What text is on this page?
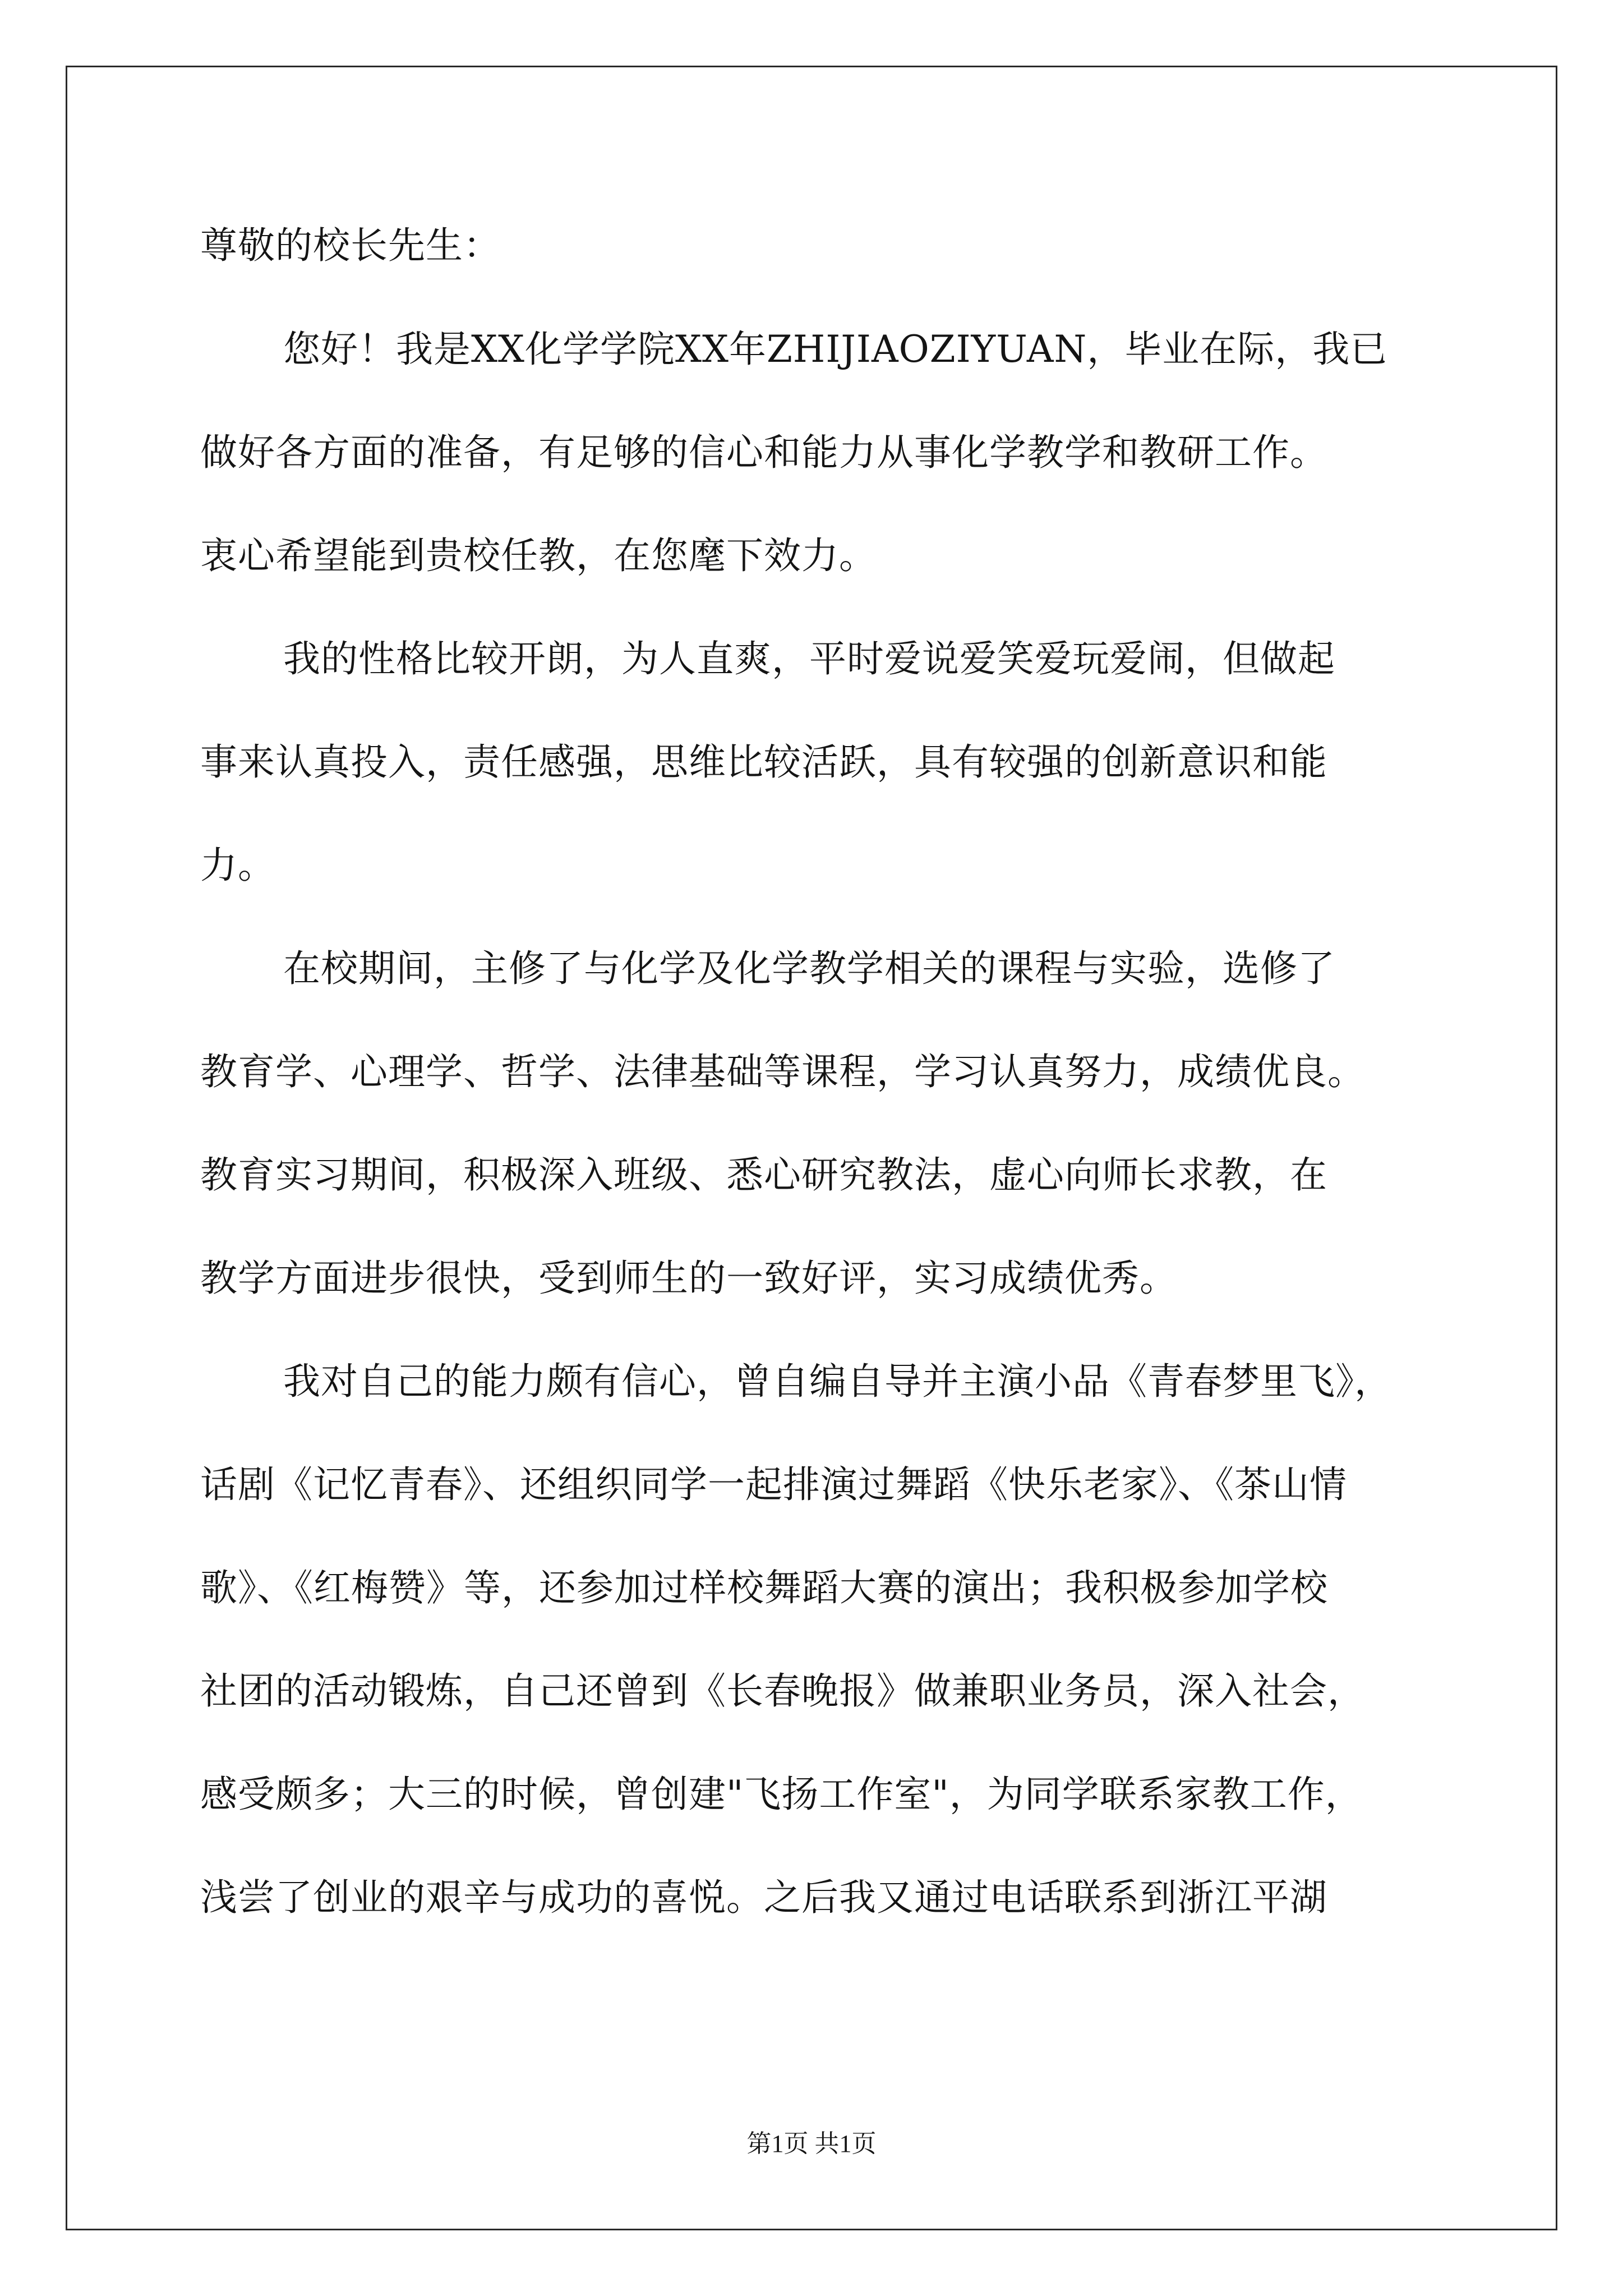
尊敬的校长先生：
您好！我是XX化学学院XX年ZHIJIAOZIYUAN，毕业在际，我已
做好各方面的准备，有足够的信心和能力从事化学教学和教研工作。
衷心希望能到贵校任教，在您麾下效力。
我的性格比较开朗，为人直爽，平时爱说爱笑爱玩爱闹，但做起
事来认真投入，责任感强，思维比较活跃，具有较强的创新意识和能
力。
在校期间，主修了与化学及化学教学相关的课程与实验，选修了
教育学、心理学、哲学、法律基础等课程，学习认真努力，成绩优良。
教育实习期间，积极深入班级、悉心研究教法，虚心向师长求教，在
教学方面进步很快，受到师生的一致好评，实习成绩优秀。
我对自己的能力颇有信心，曾自编自导并主演小品《青春梦里飞》，
话剧《记忆青春》、还组织同学一起排演过舞蹈《快乐老家》、《茶山情
歌》、《红梅赞》等，还参加过样校舞蹈大赛的演出；我积极参加学校
社团的活动锻炼，自己还曾到《长春晚报》做兼职业务员，深入社会，
感受颇多；大三的时候，曾创建"飞扬工作室"，为同学联系家教工作，
浅尝了创业的艰辛与成功的喜悦。之后我又通过电话联系到浙江平湖
第1页 共1页
